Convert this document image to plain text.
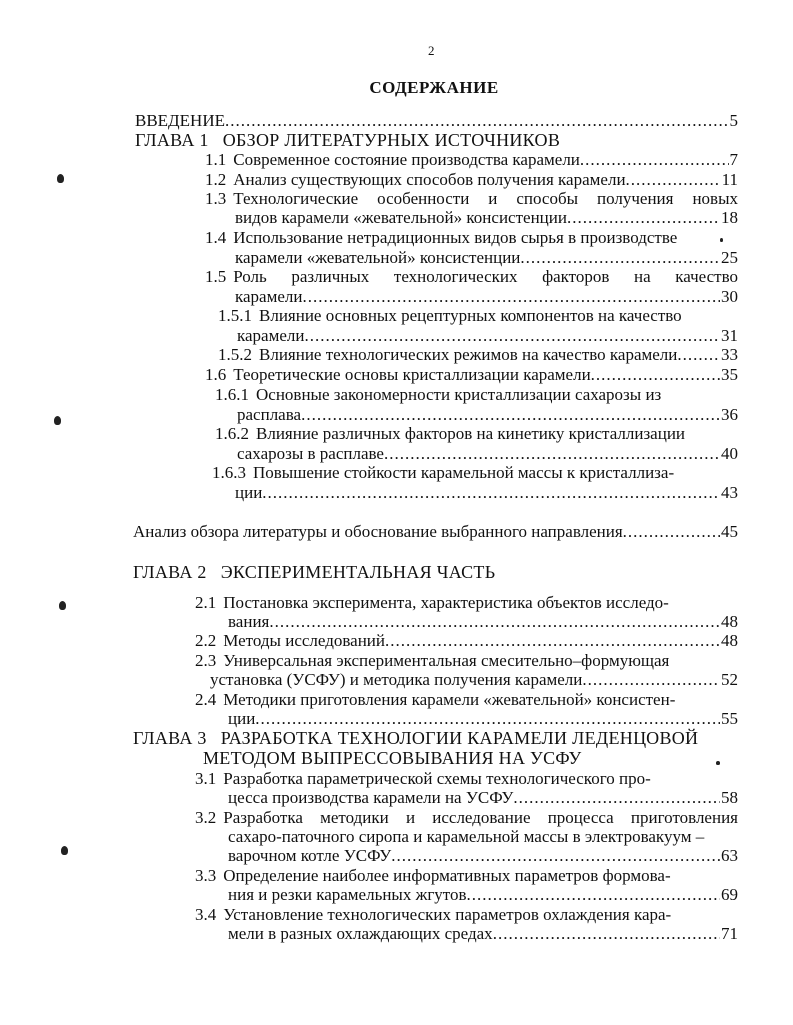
2
СОДЕРЖАНИЕ
ВВЕДЕНИЕ .....	5
ГЛАВА 1 ОБЗОР ЛИТЕРАТУРНЫХ ИСТОЧНИКОВ
1.1 Современное состояние производства карамели .....	7
1.2 Анализ существующих способов получения карамели .....	11
1.3 Технологические особенности и способы получения новых
видов карамели «жевательной» консистенции .....	18
1.4 Использование нетрадиционных видов сырья в производстве
карамели «жевательной» консистенции .....	25
1.5 Роль различных технологических факторов на качество
карамели .....	30
1.5.1 Влияние основных рецептурных компонентов на качество
карамели .....	31
1.5.2 Влияние технологических режимов на качество карамели .....	33
1.6 Теоретические основы кристаллизации карамели .....	35
1.6.1 Основные закономерности кристаллизации сахарозы из
расплава .....	36
1.6.2 Влияние различных факторов на кинетику кристаллизации
сахарозы в расплаве .....	40
1.6.3 Повышение стойкости карамельной массы к кристаллиза-
ции .....	43
Анализ обзора литературы и обоснование выбранного направления .....	45
ГЛАВА 2 ЭКСПЕРИМЕНТАЛЬНАЯ ЧАСТЬ
2.1 Постановка эксперимента, характеристика объектов исследо-
вания .....	48
2.2 Методы исследований .....	48
2.3 Универсальная экспериментальная смесительно–формующая
установка (УСФУ) и методика получения карамели .....	52
2.4 Методики приготовления карамели «жевательной» консистен-
ции .....	55
ГЛАВА 3 РАЗРАБОТКА ТЕХНОЛОГИИ КАРАМЕЛИ ЛЕДЕНЦОВОЙ
МЕТОДОМ ВЫПРЕССОВЫВАНИЯ НА УСФУ
3.1 Разработка параметрической схемы технологического про-
цесса производства карамели на УСФУ .....	58
3.2 Разработка методики и исследование процесса приготовления
сахаро-паточного сиропа и карамельной массы в электровакуум –
варочном котле УСФУ .....	63
3.3 Определение наиболее информативных параметров формова-
ния и резки карамельных жгутов .....	69
3.4 Установление технологических параметров охлаждения кара-
мели в разных охлаждающих средах .....	71
